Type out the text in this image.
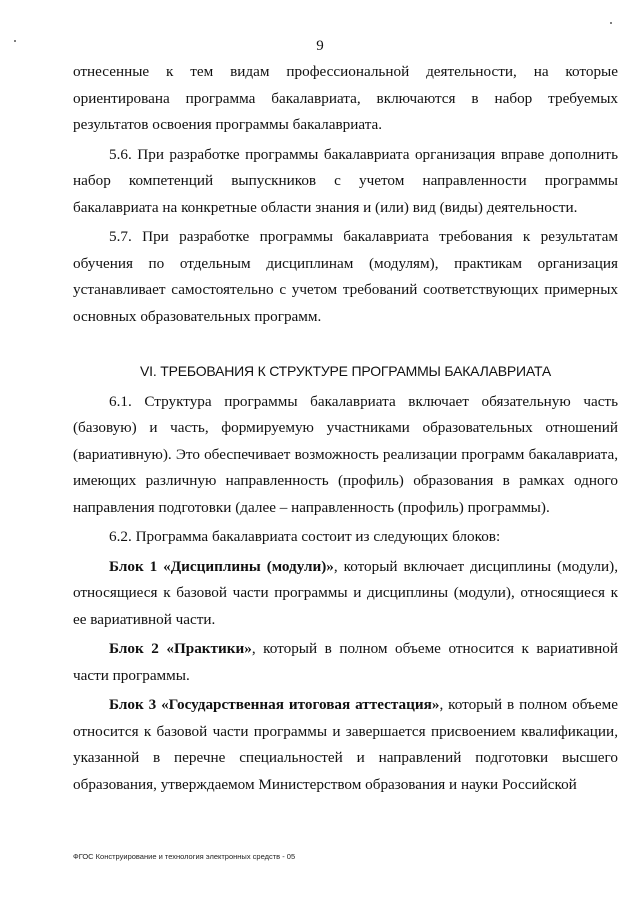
9

отнесенные к тем видам профессиональной деятельности, на которые ориентирована программа бакалавриата, включаются в набор требуемых результатов освоения программы бакалавриата.

5.6. При разработке программы бакалавриата организация вправе дополнить набор компетенций выпускников с учетом направленности программы бакалавриата на конкретные области знания и (или) вид (виды) деятельности.

5.7. При разработке программы бакалавриата требования к результатам обучения по отдельным дисциплинам (модулям), практикам организация устанавливает самостоятельно с учетом требований соответствующих примерных основных образовательных программ.

VI. ТРЕБОВАНИЯ К СТРУКТУРЕ ПРОГРАММЫ БАКАЛАВРИАТА

6.1. Структура программы бакалавриата включает обязательную часть (базовую) и часть, формируемую участниками образовательных отношений (вариативную). Это обеспечивает возможность реализации программ бакалавриата, имеющих различную направленность (профиль) образования в рамках одного направления подготовки (далее – направленность (профиль) программы).

6.2. Программа бакалавриата состоит из следующих блоков:

Блок 1 «Дисциплины (модули)», который включает дисциплины (модули), относящиеся к базовой части программы и дисциплины (модули), относящиеся к ее вариативной части.

Блок 2 «Практики», который в полном объеме относится к вариативной части программы.

Блок 3 «Государственная итоговая аттестация», который в полном объеме относится к базовой части программы и завершается присвоением квалификации, указанной в перечне специальностей и направлений подготовки высшего образования, утверждаемом Министерством образования и науки Российской

ФГОС Конструирование и технология электронных средств - 05
